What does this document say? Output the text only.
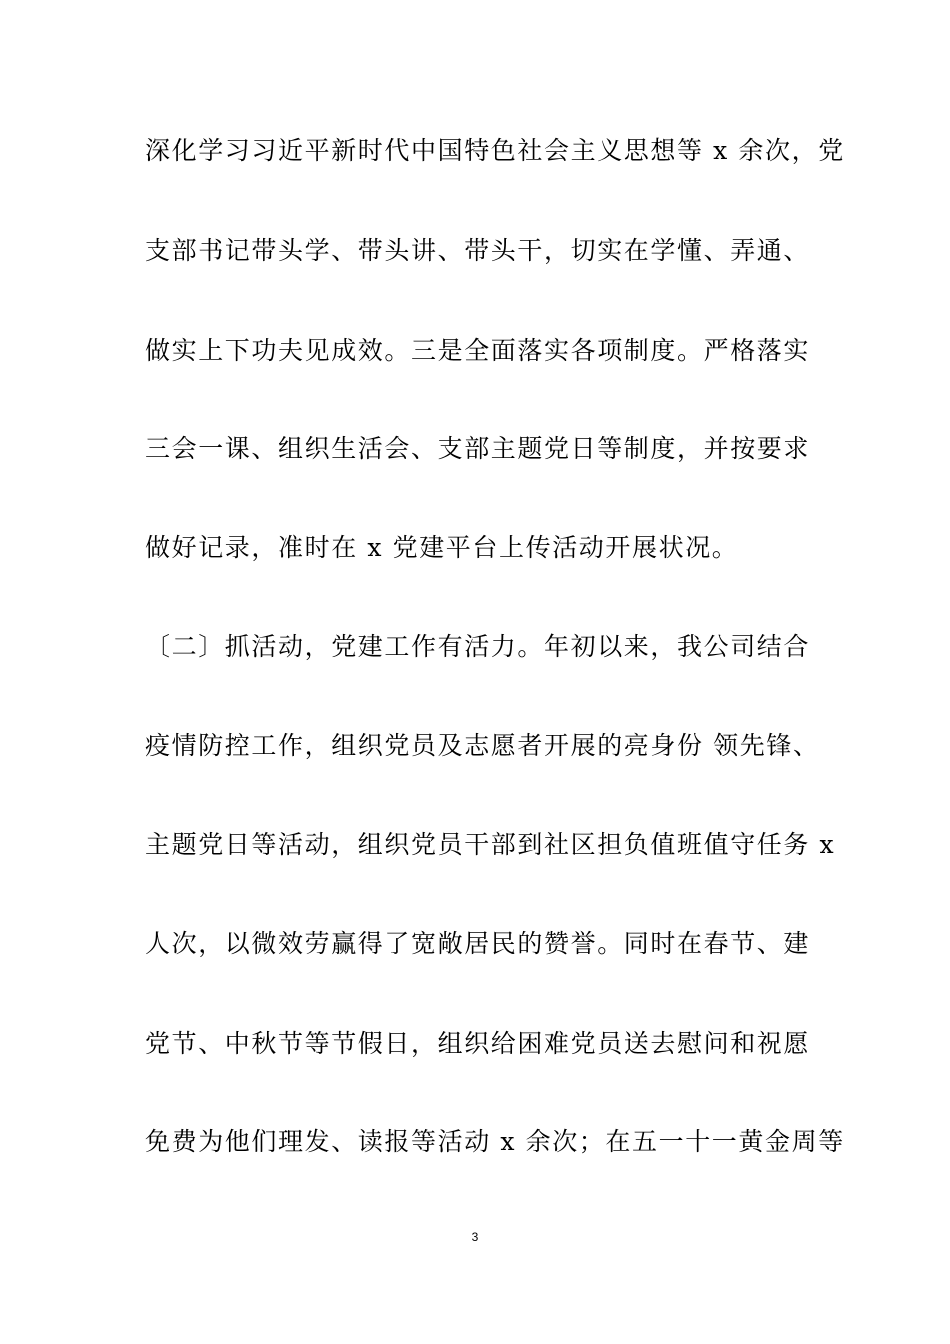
深化学习习近平新时代中国特色社会主义思想等 x 余次，党
支部书记带头学、带头讲、带头干，切实在学懂、弄通、
做实上下功夫见成效。三是全面落实各项制度。严格落实
三会一课、组织生活会、支部主题党日等制度，并按要求
做好记录，准时在 x 党建平台上传活动开展状况。
〔二〕抓活动，党建工作有活力。年初以来，我公司结合
疫情防控工作，组织党员及志愿者开展的亮身份 领先锋、
主题党日等活动，组织党员干部到社区担负值班值守任务 x
人次，以微效劳赢得了宽敞居民的赞誉。同时在春节、建
党节、中秋节等节假日，组织给困难党员送去慰问和祝愿
免费为他们理发、读报等活动 x 余次；在五一十一黄金周等
3
